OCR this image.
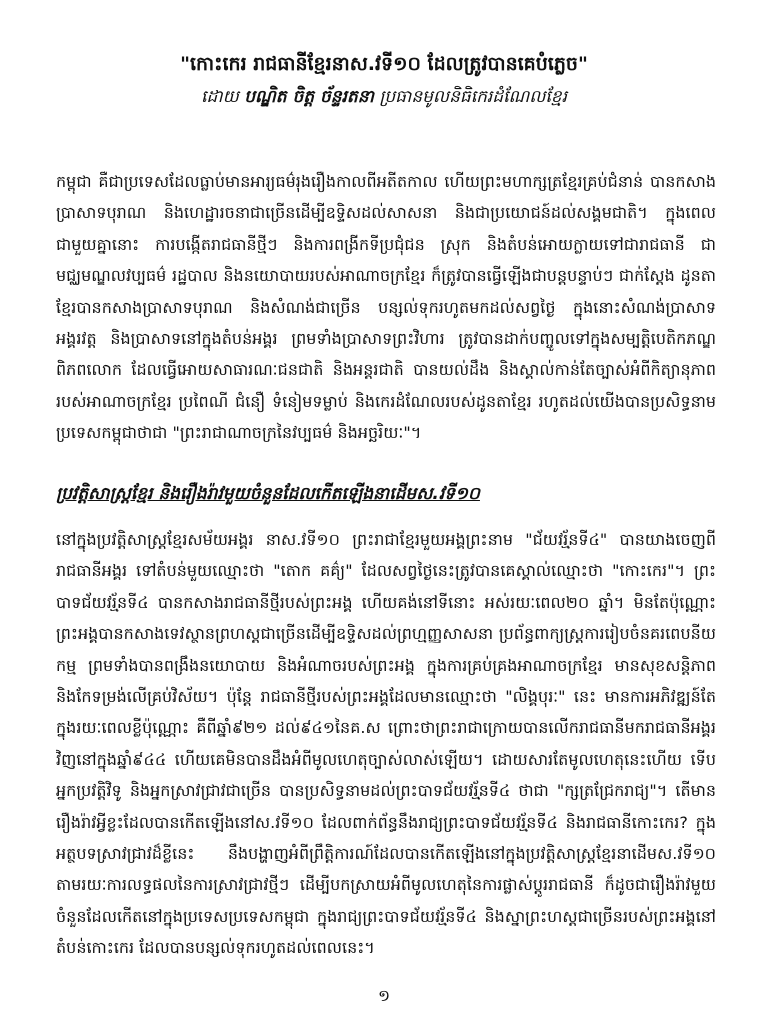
"កោះកេរ រាជធានីខ្មែរនាស.វទី១០ ដែលត្រូវបានគេបំភ្លេច"
ដោយ បណ្ឌិត ចិត្ត ច័ន្ទរតនា ប្រធានមូលនិធិកេរដំណែលខ្មែរ

កម្ពុជា គឺជាប្រទេសដែលធ្លាប់មានអារ្យធម៌រុងរឿងកាលពីអតីតកាល ហើយព្រះមហាក្សត្រខ្មែរគ្រប់ជំនាន់ បានកសាងប្រាសាទបុរាណ និងហេដ្ឋារចនាជាច្រើនដើម្បីឧទ្ទិសដល់សាសនា និងជាប្រយោជន៍ដល់សង្គមជាតិ។ ក្នុងពេលជាមួយគ្នានោះ ការបង្កើតរាជធានីថ្មីៗ និងការពង្រីកទីប្រជុំជន ស្រុក និងតំបន់អោយក្លាយទៅជារាជធានី ជាមជ្ឈមណ្ឌលវប្បធម៌ រដ្ឋបាល និងនយោបាយរបស់អាណាចក្រខ្មែរ ក៏ត្រូវបានធ្វើឡើងជាបន្តបន្ទាប់ៗ ជាក់ស្តែង ដូនតាខ្មែរបានកសាងប្រាសាទបុរាណ និងសំណង់ជាច្រើន បន្សល់ទុករហូតមកដល់សព្វថ្ងៃ ក្នុងនោះសំណង់ប្រាសាទអង្គរវត្ត និងប្រាសាទនៅក្នុងតំបន់អង្គរ ព្រមទាំងប្រាសាទព្រះវិហារ ត្រូវបានដាក់បញ្ចូលទៅក្នុងសម្បត្តិបេតិកភណ្ឌពិភពលោក ដែលធ្វើអោយសាធារណៈជនជាតិ និងអន្តរជាតិ បានយល់ដឹង និងស្គាល់កាន់តែច្បាស់អំពីកិត្យានុភាពរបស់អាណាចក្រខ្មែរ ប្រពៃណី ជំនឿ ទំនៀមទម្លាប់ និងកេរដំណែលរបស់ដូនតាខ្មែរ រហូតដល់យើងបានប្រសិទ្ធនាមប្រទេសកម្ពុជាថាជា "ព្រះរាជាណាចក្រនៃវប្បធម៌ និងអច្ឆរិយៈ"។

ប្រវត្តិសាស្ត្រខ្មែរ និងរឿងរ៉ាវមួយចំនួនដែលកើតឡើងនាដើមស.វទី១០

នៅក្នុងប្រវត្តិសាស្ត្រខ្មែរសម័យអង្គរ នាស.វទី១០ ព្រះរាជាខ្មែរមួយអង្គព្រះនាម "ជ័យវរ្ម័នទី៤" បានយាងចេញពីរាជធានីអង្គរ ទៅតំបន់មួយឈ្មោះថា "តោក គគ៌្យ" ដែលសព្វថ្ងៃនេះត្រូវបានគេស្គាល់ឈ្មោះថា "កោះកេរ"។ ព្រះបាទជ័យវរ្ម័នទី៤ បានកសាងរាជធានីថ្មីរបស់ព្រះអង្គ ហើយគង់នៅទីនោះ អស់រយៈពេល២០ ឆ្នាំ។ មិនតែប៉ុណ្ណោះ ព្រះអង្គបានកសាងទេវស្ថានព្រហស្តជាច្រើនដើម្បីឧទ្ទិសដល់ព្រហ្មញ្ញសាសនា ប្រព័ន្ធពាក្យស្ត្រការរៀបចំនគរពេបនីយកម្ម ព្រមទាំងបានពង្រឹងនយោបាយ និងអំណាចរបស់ព្រះអង្គ ក្នុងការគ្រប់គ្រងអាណាចក្រខ្មែរ មានសុខសន្តិភាព និងកែទម្រង់លើគ្រប់វិស័យ។ ប៉ុន្តែ រាជធានីថ្មីរបស់ព្រះអង្គដែលមានឈ្មោះថា "លិង្គបុរៈ" នេះ មានការអភិវឌ្ឍន៍តែក្នុងរយៈពេលខ្លីប៉ុណ្ណោះ គឺពីឆ្នាំ៩២១ ដល់៩៤១នៃគ.ស ព្រោះថាព្រះរាជាក្រោយបានលើករាជធានីមករាជធានីអង្គរវិញនៅក្នុងឆ្នាំ៩៤៤ ហើយគេមិនបានដឹងអំពីមូលហេតុច្បាស់លាស់ឡើយ។ ដោយសារតែមូលហេតុនេះហើយ ទើបអ្នកប្រវត្តិវិទូ និងអ្នកស្រាវជ្រាវជាច្រើន បានប្រសិទ្ធនាមដល់ព្រះបាទជ័យវរ្ម័នទី៤ ថាជា "ក្សត្រជ្រែករាជ្យ"។ តើមានរឿងរ៉ាវអ្វីខ្លះដែលបានកើតឡើងនៅស.វទី១០ ដែលពាក់ព័ន្ធនឹងរាជ្យព្រះបាទជ័យវរ្ម័នទី៤ និងរាជធានីកោះកេរ? ក្នុងអត្ថបទស្រាវជ្រាវដ៏ខ្លីនេះ នឹងបង្ហាញអំពីព្រឹត្តិការណ៍ដែលបានកើតឡើងនៅក្នុងប្រវត្តិសាស្ត្រខ្មែរនាដើមស.វទី១០ តាមរយៈការលទ្ធផលនៃការស្រាវជ្រាវថ្មីៗ ដើម្បីបកស្រាយអំពីមូលហេតុនៃការផ្លាស់ប្តូររាជធានី ក៏ដូចជារឿងរ៉ាវមួយចំនួនដែលកើតនៅក្នុងប្រទេសប្រទេសកម្ពុជា ក្នុងរាជ្យព្រះបាទជ័យវរ្ម័នទី៤ និងស្នាព្រះហស្តជាច្រើនរបស់ព្រះអង្គនៅតំបន់កោះកេរ ដែលបានបន្សល់ទុករហូតដល់ពេលនេះ។

១
